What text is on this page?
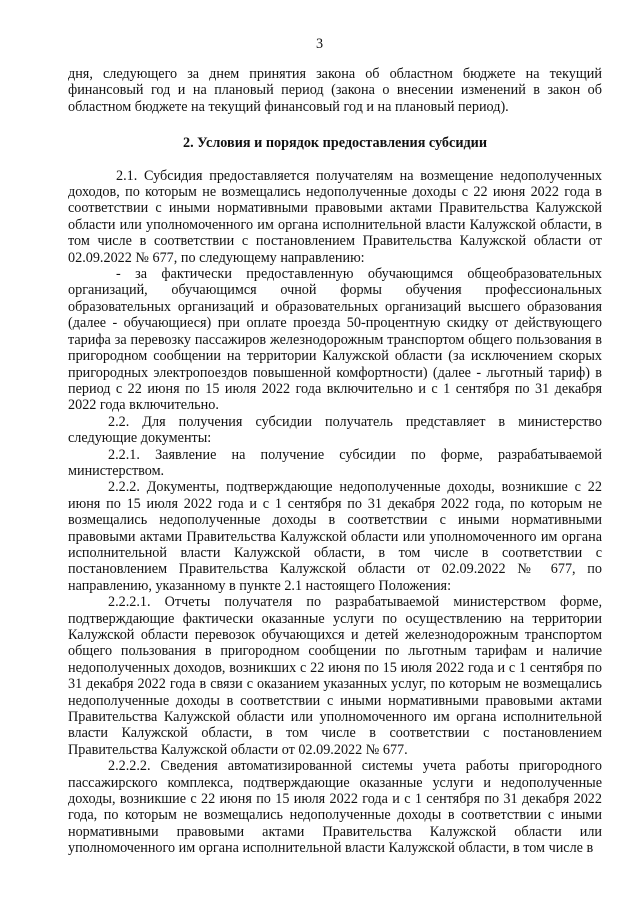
3

дня, следующего за днем принятия закона об областном бюджете на текущий финансовый год и на плановый период (закона о внесении изменений в закон об областном бюджете на текущий финансовый год и на плановый период).

2. Условия и порядок предоставления субсидии

2.1. Субсидия предоставляется получателям на возмещение недополученных доходов, по которым не возмещались недополученные доходы с 22 июня 2022 года в соответствии с иными нормативными правовыми актами Правительства Калужской области или уполномоченного им органа исполнительной власти Калужской области, в том числе в соответствии с постановлением Правительства Калужской области от 02.09.2022 № 677, по следующему направлению:

- за фактически предоставленную обучающимся общеобразовательных организаций, обучающимся очной формы обучения профессиональных образовательных организаций и образовательных организаций высшего образования (далее - обучающиеся) при оплате проезда 50-процентную скидку от действующего тарифа за перевозку пассажиров железнодорожным транспортом общего пользования в пригородном сообщении на территории Калужской области (за исключением скорых пригородных электропоездов повышенной комфортности) (далее - льготный тариф) в период с 22 июня по 15 июля 2022 года включительно и с 1 сентября по 31 декабря 2022 года включительно.

2.2. Для получения субсидии получатель представляет в министерство следующие документы:

2.2.1. Заявление на получение субсидии по форме, разрабатываемой министерством.

2.2.2. Документы, подтверждающие недополученные доходы, возникшие с 22 июня по 15 июля 2022 года и с 1 сентября по 31 декабря 2022 года, по которым не возмещались недополученные доходы в соответствии с иными нормативными правовыми актами Правительства Калужской области или уполномоченного им органа исполнительной власти Калужской области, в том числе в соответствии с постановлением Правительства Калужской области от 02.09.2022 № 677, по направлению, указанному в пункте 2.1 настоящего Положения:

2.2.2.1. Отчеты получателя по разрабатываемой министерством форме, подтверждающие фактически оказанные услуги по осуществлению на территории Калужской области перевозок обучающихся и детей железнодорожным транспортом общего пользования в пригородном сообщении по льготным тарифам и наличие недополученных доходов, возникших с 22 июня по 15 июля 2022 года и с 1 сентября по 31 декабря 2022 года в связи с оказанием указанных услуг, по которым не возмещались недополученные доходы в соответствии с иными нормативными правовыми актами Правительства Калужской области или уполномоченного им органа исполнительной власти Калужской области, в том числе в соответствии с постановлением Правительства Калужской области от 02.09.2022 № 677.

2.2.2.2. Сведения автоматизированной системы учета работы пригородного пассажирского комплекса, подтверждающие оказанные услуги и недополученные доходы, возникшие с 22 июня по 15 июля 2022 года и с 1 сентября по 31 декабря 2022 года, по которым не возмещались недополученные доходы в соответствии с иными нормативными правовыми актами Правительства Калужской области или уполномоченного им органа исполнительной власти Калужской области, в том числе в
